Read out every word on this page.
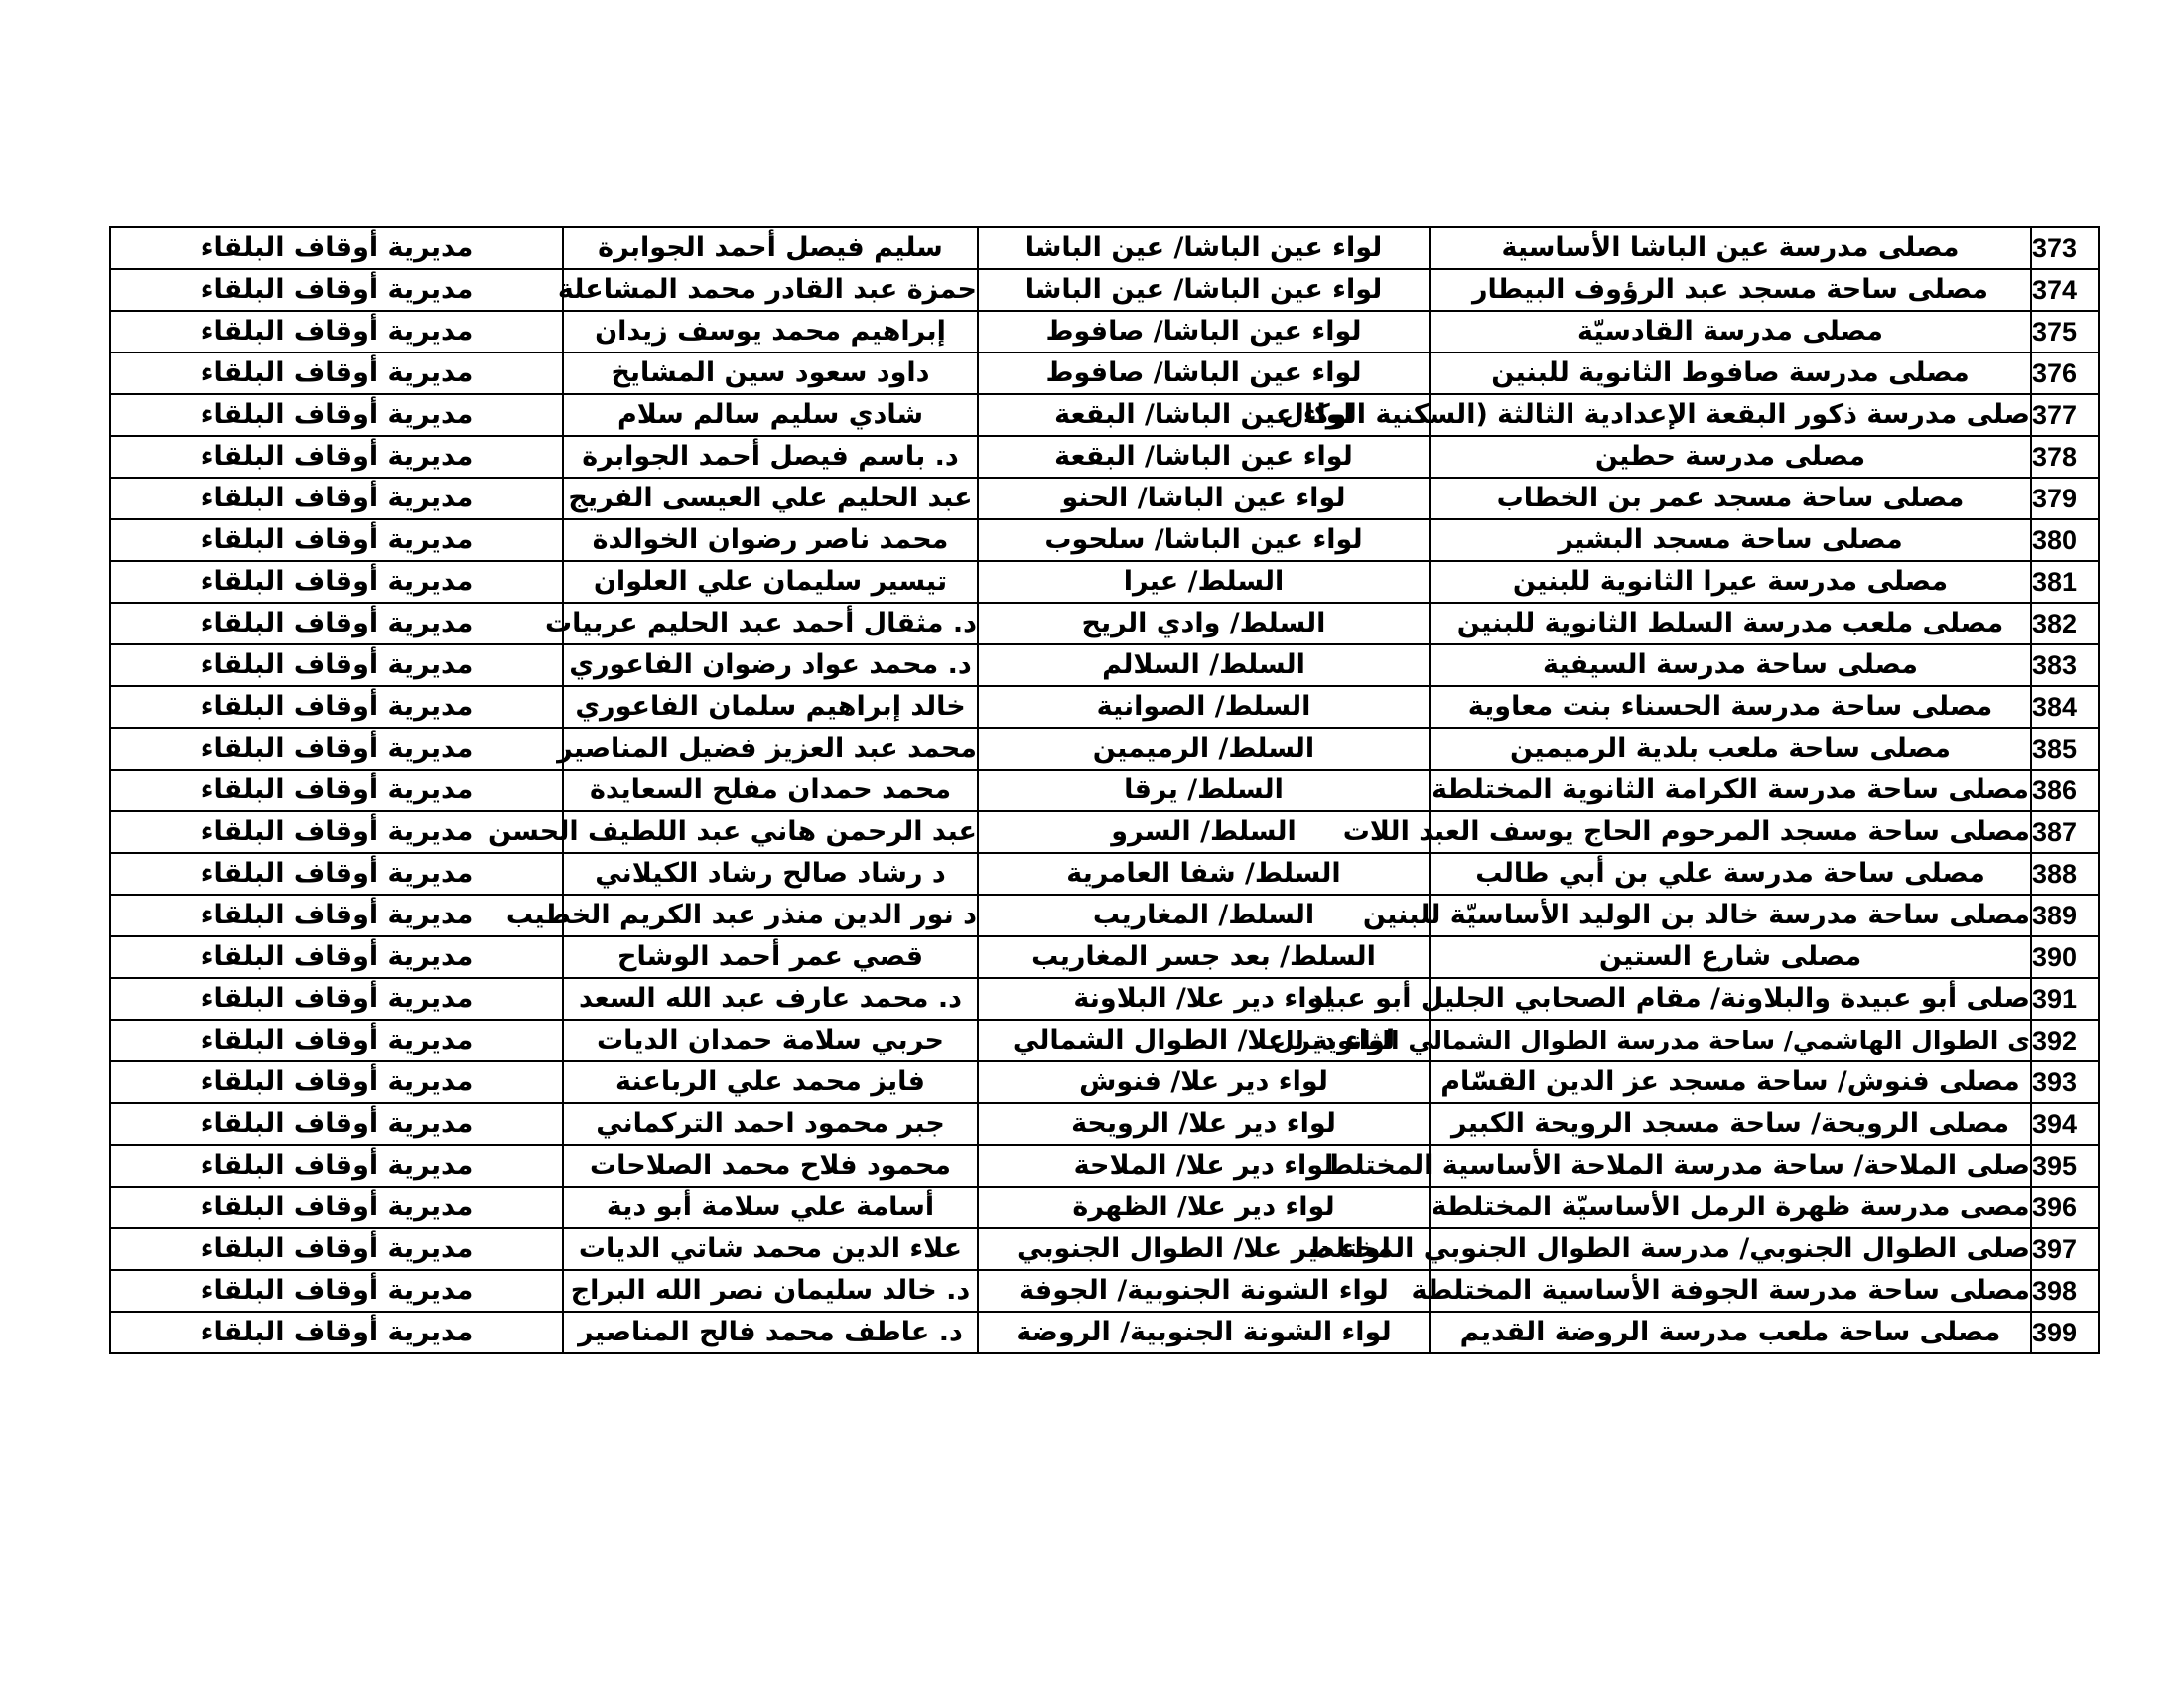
مديرية أوقاف البلقاء	سليم فيصل أحمد الجوابرة	لواء عين الباشا/ عين الباشا	مصلى مدرسة عين الباشا الأساسية	373
مديرية أوقاف البلقاء	حمزة عبد القادر محمد المشاعلة	لواء عين الباشا/ عين الباشا	مصلى ساحة مسجد عبد الرؤوف البيطار	374
مديرية أوقاف البلقاء	إبراهيم محمد يوسف زيدان	لواء عين الباشا/ صافوط	مصلى مدرسة القادسيّة	375
مديرية أوقاف البلقاء	داود سعود سين المشايخ	لواء عين الباشا/ صافوط	مصلى مدرسة صافوط الثانوية للبنين	376
مديرية أوقاف البلقاء	شادي سليم سالم سلام	لواء عين الباشا/ البقعة	صلى مدرسة ذكور البقعة الإعدادية الثالثة (السكنية الوكال	377
مديرية أوقاف البلقاء	د. باسم فيصل أحمد الجوابرة	لواء عين الباشا/ البقعة	مصلى مدرسة حطين	378
مديرية أوقاف البلقاء	عبد الحليم علي العيسى الفريج	لواء عين الباشا/ الحنو	مصلى ساحة مسجد عمر بن الخطاب	379
مديرية أوقاف البلقاء	محمد ناصر رضوان الخوالدة	لواء عين الباشا/ سلحوب	مصلى ساحة مسجد البشير	380
مديرية أوقاف البلقاء	تيسير سليمان علي العلوان	السلط/ عيرا	مصلى مدرسة عيرا الثانوية للبنين	381
مديرية أوقاف البلقاء	د. مثقال أحمد عبد الحليم عربيات	السلط/ وادي الريح	مصلى ملعب مدرسة السلط الثانوية للبنين	382
مديرية أوقاف البلقاء	د. محمد عواد رضوان الفاعوري	السلط/ السلالم	مصلى ساحة مدرسة السيفية	383
مديرية أوقاف البلقاء	خالد إبراهيم سلمان الفاعوري	السلط/ الصوانية	مصلى ساحة مدرسة الحسناء بنت معاوية	384
مديرية أوقاف البلقاء	محمد عبد العزيز فضيل المناصير	السلط/ الرميمين	مصلى ساحة ملعب بلدية الرميمين	385
مديرية أوقاف البلقاء	محمد حمدان مفلح السعايدة	السلط/ يرقا	مصلى ساحة مدرسة الكرامة الثانوية المختلطة	386
مديرية أوقاف البلقاء	عبد الرحمن هاني عبد اللطيف الحسن	السلط/ السرو	مصلى ساحة مسجد المرحوم الحاج يوسف العبد اللات	387
مديرية أوقاف البلقاء	د رشاد صالح رشاد الكيلاني	السلط/ شفا العامرية	مصلى ساحة مدرسة علي بن أبي طالب	388
مديرية أوقاف البلقاء	د نور الدين منذر عبد الكريم الخطيب	السلط/ المغاريب	مصلى ساحة مدرسة خالد بن الوليد الأساسيّة للبنين	389
مديرية أوقاف البلقاء	قصي عمر أحمد الوشاح	السلط/ بعد جسر المغاريب	مصلى شارع الستين	390
مديرية أوقاف البلقاء	د. محمد عارف عبد الله السعد	لواء دير علا/ البلاونة	صلى أبو عبيدة والبلاونة/ مقام الصحابي الجليل أبو عبيد	391
مديرية أوقاف البلقاء	حربي سلامة حمدان الديات	لواء دير علا/ الطوال الشمالي	ى الطوال الهاشمي/ ساحة مدرسة الطوال الشمالي الثانوية لل	392
مديرية أوقاف البلقاء	فايز محمد علي الرباعنة	لواء دير علا/ فنوش	مصلى فنوش/ ساحة مسجد عز الدين القسّام	393
مديرية أوقاف البلقاء	جبر محمود احمد التركماني	لواء دير علا/ الرويحة	مصلى الرويحة/ ساحة مسجد الرويحة الكبير	394
مديرية أوقاف البلقاء	محمود فلاح محمد الصلاحات	لواء دير علا/ الملاحة	صلى الملاحة/ ساحة مدرسة الملاحة الأساسية المختلط	395
مديرية أوقاف البلقاء	أسامة علي سلامة أبو دية	لواء دير علا/ الظهرة	مصى مدرسة ظهرة الرمل الأساسيّة المختلطة	396
مديرية أوقاف البلقاء	علاء الدين محمد شاتي الديات	لواء دير علا/ الطوال الجنوبي	صلى الطوال الجنوبي/ مدرسة الطوال الجنوبي المختلط	397
مديرية أوقاف البلقاء	د. خالد سليمان نصر الله البراج	لواء الشونة الجنوبية/ الجوفة	مصلى ساحة مدرسة الجوفة الأساسية المختلطة	398
مديرية أوقاف البلقاء	د. عاطف محمد فالح المناصير	لواء الشونة الجنوبية/ الروضة	مصلى ساحة ملعب مدرسة الروضة القديم	399
